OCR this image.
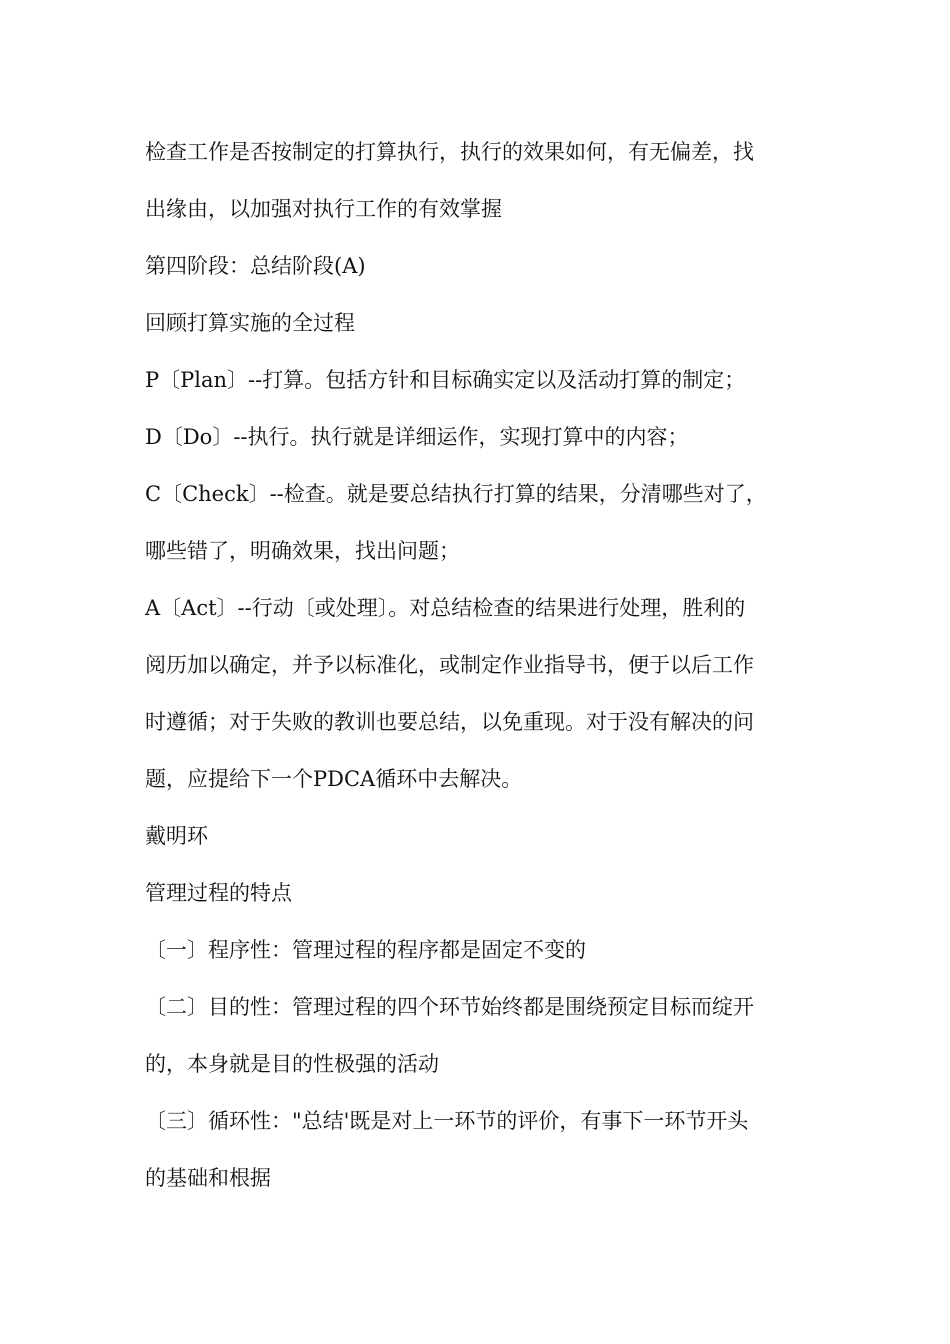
检查工作是否按制定的打算执行，执行的效果如何，有无偏差，找

出缘由，以加强对执行工作的有效掌握

第四阶段：总结阶段(A)

回顾打算实施的全过程

P〔Plan〕--打算。包括方针和目标确实定以及活动打算的制定；

D〔Do〕--执行。执行就是详细运作，实现打算中的内容；

C〔Check〕--检查。就是要总结执行打算的结果，分清哪些对了，

哪些错了，明确效果，找出问题；

A〔Act〕--行动〔或处理〕。对总结检查的结果进行处理，胜利的

阅历加以确定，并予以标准化，或制定作业指导书，便于以后工作

时遵循；对于失败的教训也要总结，以免重现。对于没有解决的问

题，应提给下一个PDCA循环中去解决。

戴明环

管理过程的特点

〔一〕程序性：管理过程的程序都是固定不变的

〔二〕目的性：管理过程的四个环节始终都是围绕预定目标而绽开

的，本身就是目的性极强的活动

〔三〕循环性："总结'既是对上一环节的评价，有事下一环节开头

的基础和根据
